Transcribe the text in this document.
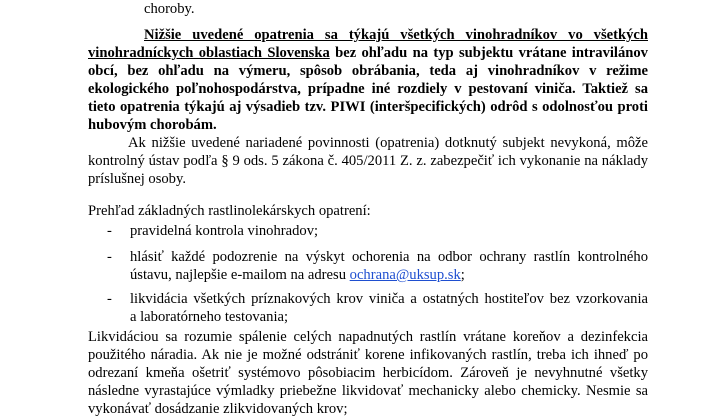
choroby.
Nižšie uvedené opatrenia sa týkajú všetkých vinohradníkov vo všetkých
vinohradníckych oblastiach Slovenska bez ohľadu na typ subjektu vrátane intravilánov
obcí, bez ohľadu na výmeru, spôsob obrábania, teda aj vinohradníkov v režime
ekologického poľnohospodárstva, prípadne iné rozdiely v pestovaní viniča. Taktiež sa
tieto opatrenia týkajú aj výsadieb tzv. PIWI (interšpecifických) odrôd s odolnosťou proti
hubovým chorobám.
Ak nižšie uvedené nariadené povinnosti (opatrenia) dotknutý subjekt nevykoná, môže
kontrolný ústav podľa § 9 ods. 5 zákona č. 405/2011 Z. z. zabezpečiť ich vykonanie na náklady
príslušnej osoby.
Prehľad základných rastlinolekárskych opatrení:
-	pravidelná kontrola vinohradov;
-	hlásiť každé podozrenie na výskyt ochorenia na odbor ochrany rastlín kontrolného
ústavu, najlepšie e-mailom na adresu ochrana@uksup.sk;
-	likvidácia všetkých príznakových krov viniča a ostatných hostiteľov bez vzorkovania
a laboratórneho testovania;
Likvidáciou sa rozumie spálenie celých napadnutých rastlín vrátane koreňov a dezinfekcia
použitého náradia. Ak nie je možné odstrániť korene infikovaných rastlín, treba ich ihneď po
odrezaní kmeňa ošetriť systémovo pôsobiacim herbicídom. Zároveň je nevyhnutné všetky
následne vyrastajúce výmladky priebežne likvidovať mechanicky alebo chemicky. Nesmie sa
vykonávať dosádzanie zlikvidovaných krov;
